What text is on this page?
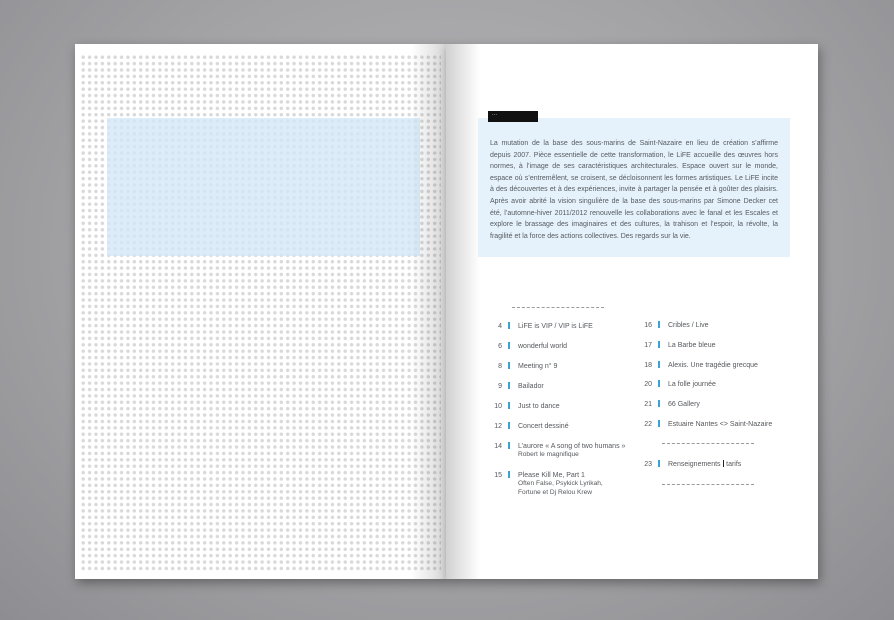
La mutation de la base des sous-marins de Saint-Nazaire en lieu de création s’affirme depuis 2007. Pièce essentielle de cette transformation, le LiFE accueille des œuvres hors normes, à l’image de ses caractéristiques architecturales. Espace ouvert sur le monde, espace où s’entremêlent, se croisent, se décloisonnent les formes artistiques. Le LiFE incite à des découvertes et à des expériences, invite à partager la pensée et à goûter des plaisirs. Après avoir abrité la vision singulière de la base des sous-marins par Simone Decker cet été, l’automne-hiver 2011/2012 renouvelle les collaborations avec le fanal et les Escales et explore le brassage des imaginaires et des cultures, la trahison et l’espoir, la révolte, la fragilité et la force des actions collectives. Des regards sur la vie.

···
4 LiFE is VIP / VIP is LiFE
6 wonderful world
8 Meeting n° 9
9 Bailador
10 Just to dance
12 Concert dessiné
14 L’aurore « A song of two humans »
Robert le magnifique
15 Please Kill Me, Part 1
Often False, Psykick Lyrikah,
Fortune et Dj Relou Krew
16 Cribles / Live
17 La Barbe bleue
18 Alexis. Une tragédie grecque
20 La folle journée
21 66 Gallery
22 Estuaire Nantes <> Saint-Nazaire
23 Renseignements tarifs
